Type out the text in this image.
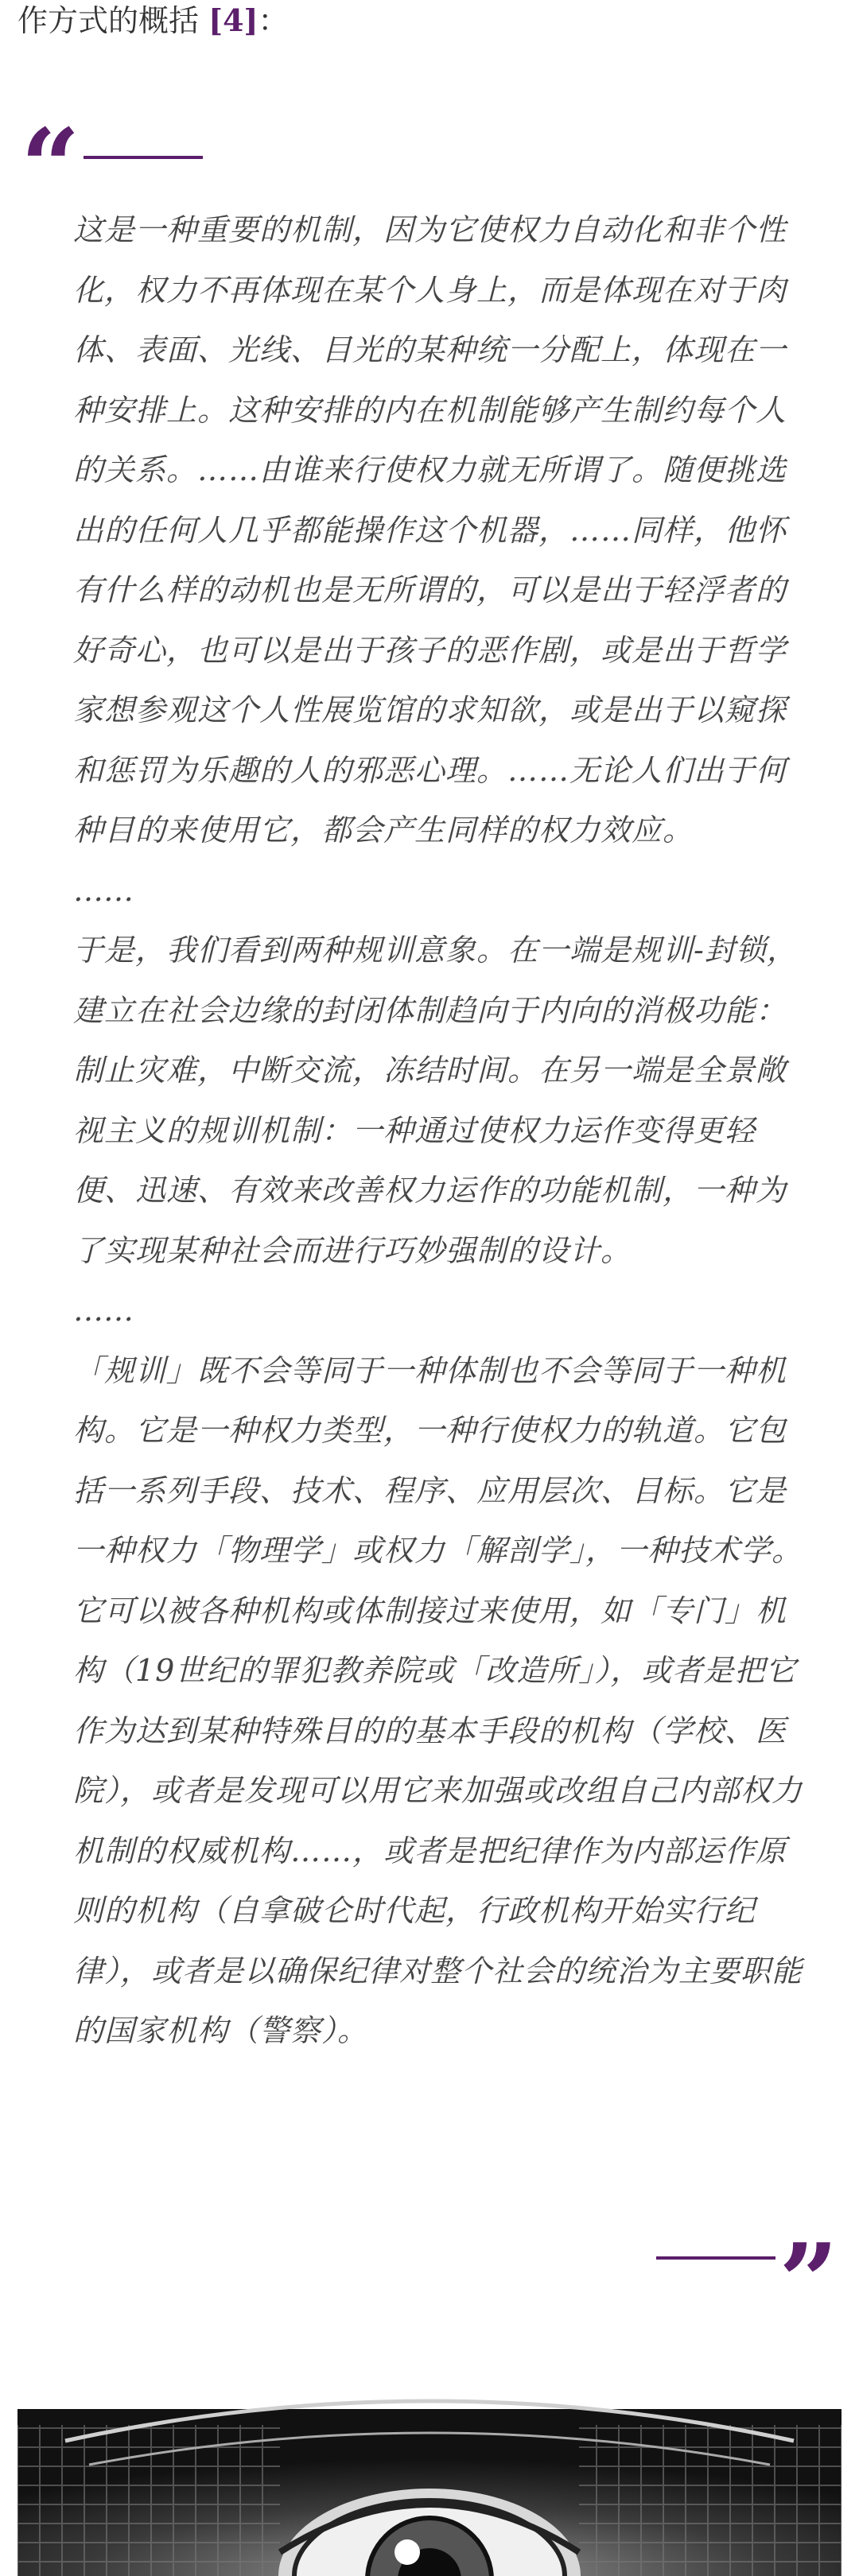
作方式的概括 [4]：
“

这是一种重要的机制，因为它使权力自动化和非个性化，权力不再体现在某个人身上，而是体现在对于肉体、表面、光线、目光的某种统一分配上，体现在一种安排上。这种安排的内在机制能够产生制约每个人的关系。……由谁来行使权力就无所谓了。随便挑选出的任何人几乎都能操作这个机器，……同样，他怀有什么样的动机也是无所谓的，可以是出于轻浮者的好奇心，也可以是出于孩子的恶作剧，或是出于哲学家想参观这个人性展览馆的求知欲，或是出于以窥探和惩罚为乐趣的人的邪恶心理。……无论人们出于何种目的来使用它，都会产生同样的权力效应。

……

于是，我们看到两种规训意象。在一端是规训-封锁，建立在社会边缘的封闭体制趋向于内向的消极功能：制止灾难，中断交流，冻结时间。在另一端是全景敞视主义的规训机制：一种通过使权力运作变得更轻便、迅速、有效来改善权力运作的功能机制，一种为了实现某种社会而进行巧妙强制的设计。

……

「规训」既不会等同于一种体制也不会等同于一种机构。它是一种权力类型，一种行使权力的轨道。它包括一系列手段、技术、程序、应用层次、目标。它是一种权力「物理学」或权力「解剖学」，一种技术学。它可以被各种机构或体制接过来使用，如「专门」机构（19世纪的罪犯教养院或「改造所」），或者是把它作为达到某种特殊目的的基本手段的机构（学校、医院），或者是发现可以用它来加强或改组自己内部权力机制的权威机构……，或者是把纪律作为内部运作原则的机构（自拿破仑时代起，行政机构开始实行纪律），或者是以确保纪律对整个社会的统治为主要职能的国家机构（警察）。

”
